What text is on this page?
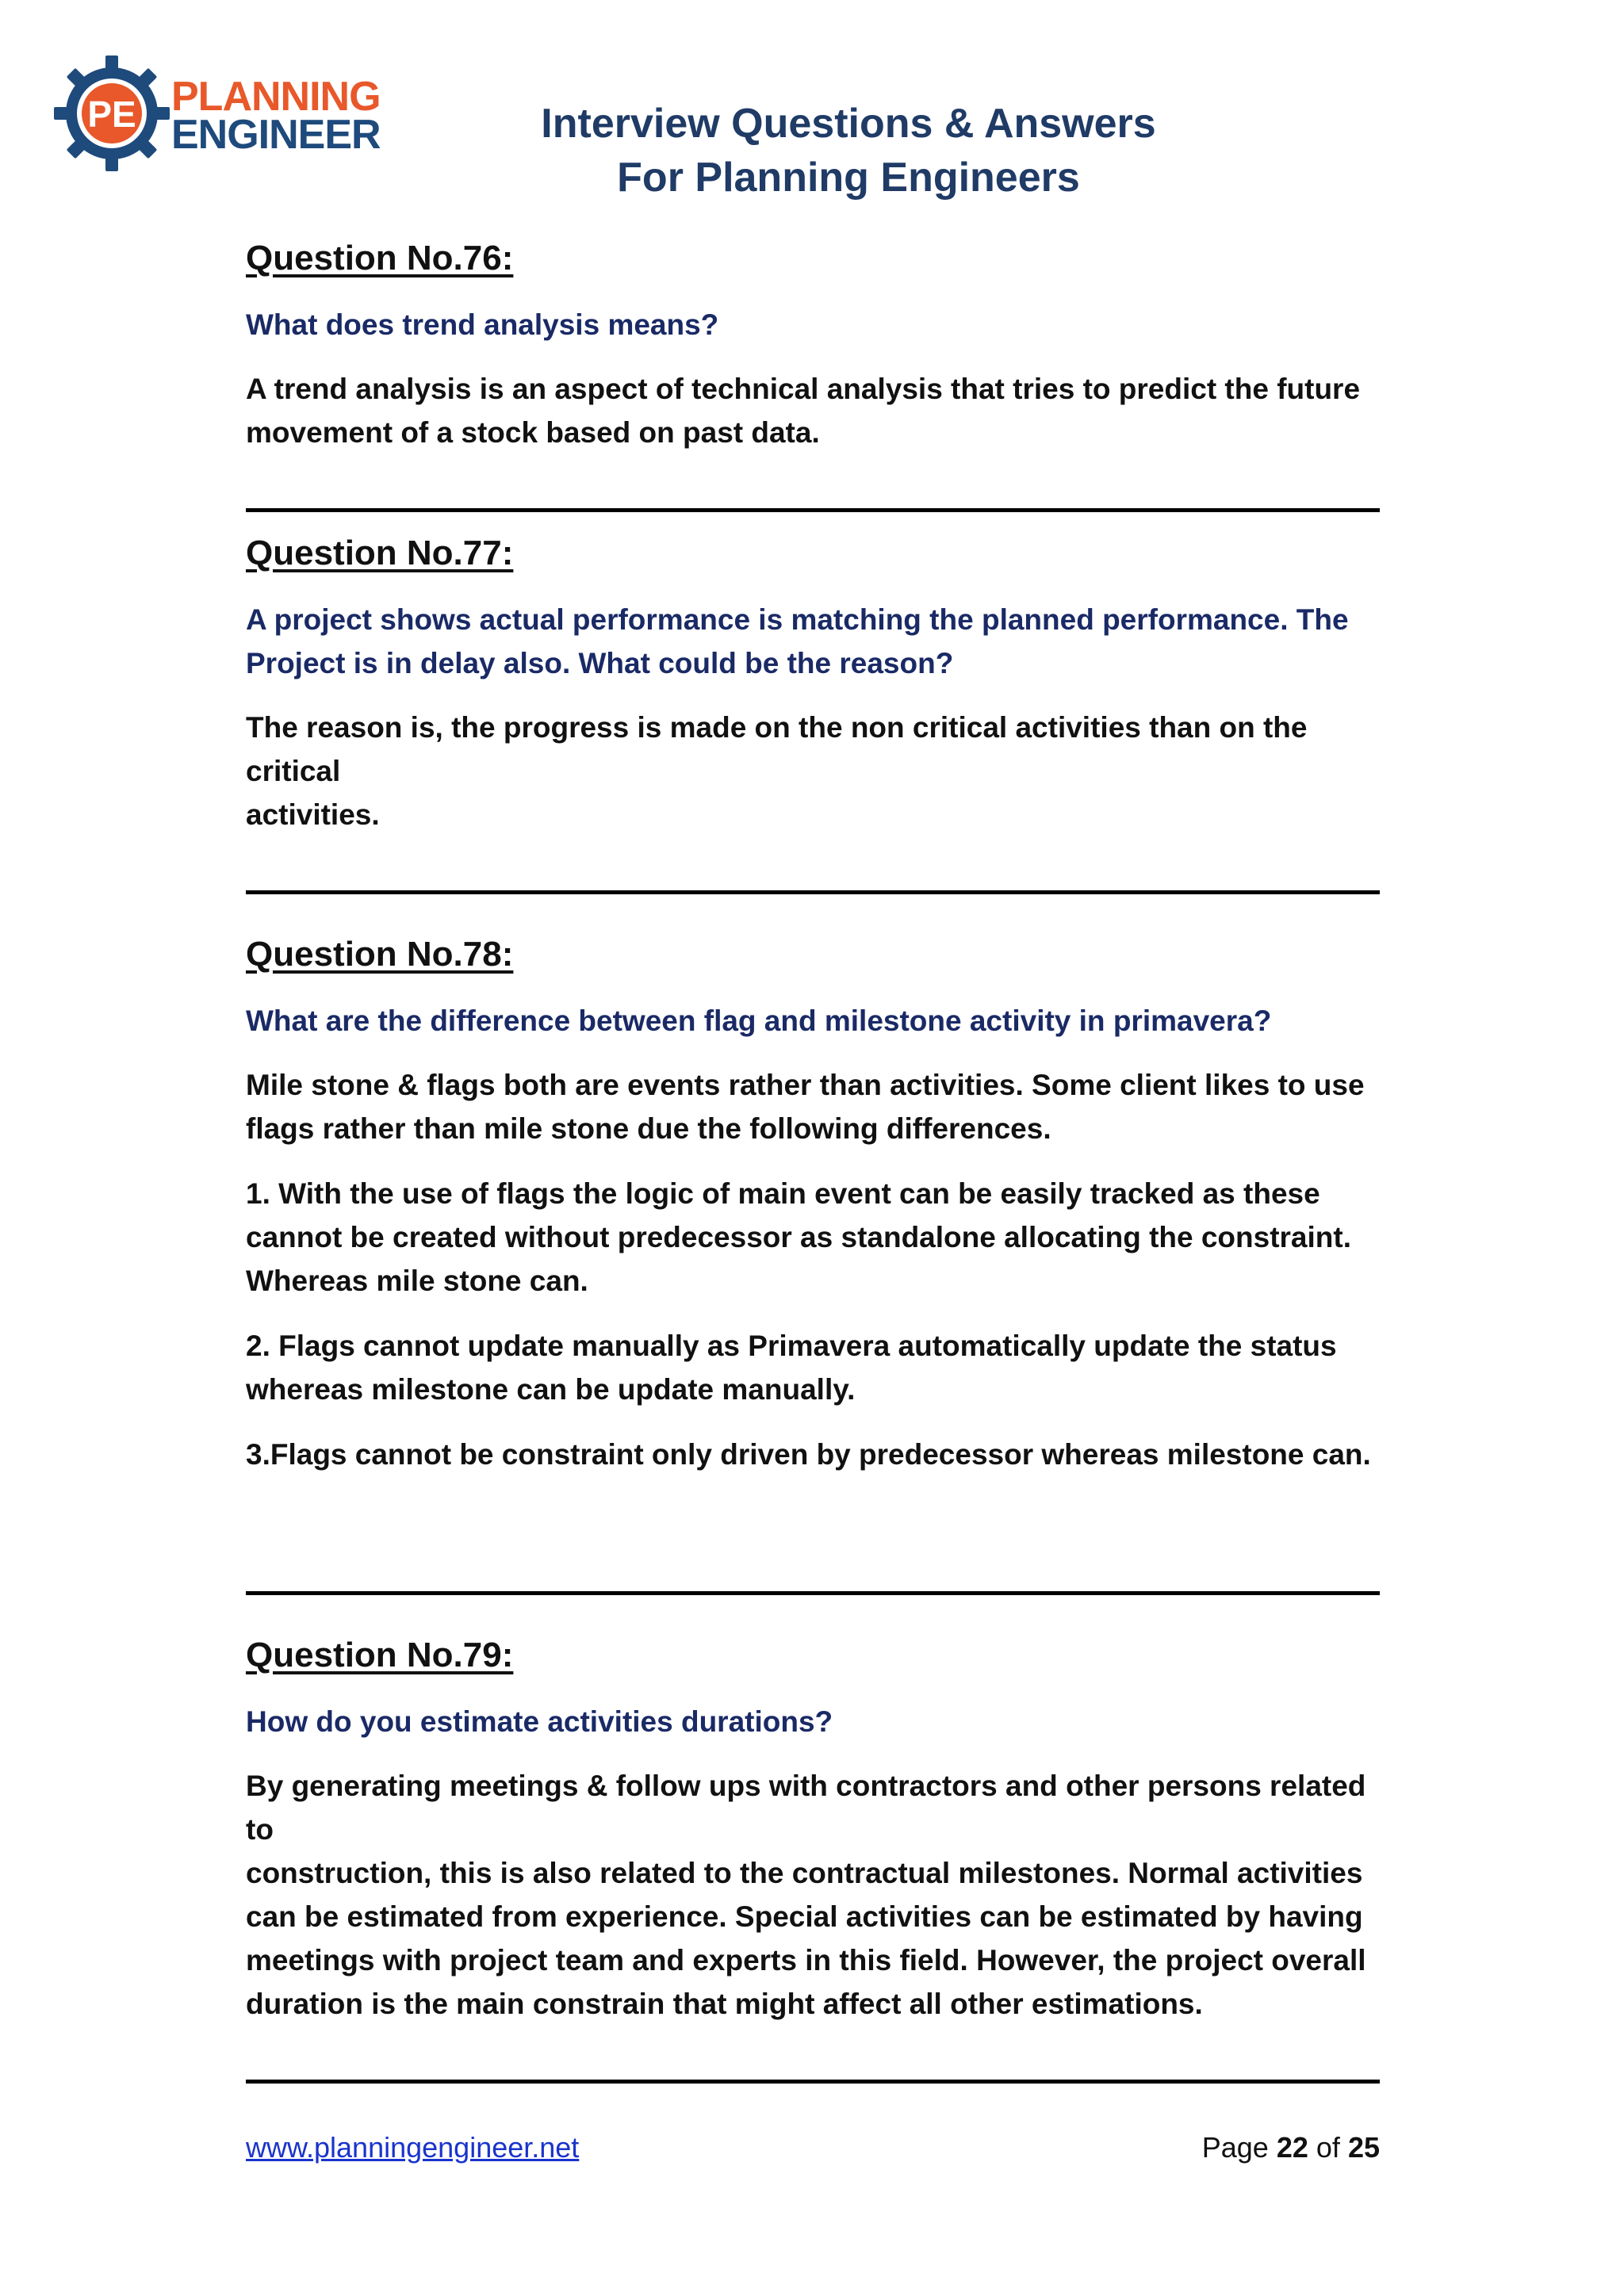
PE PLANNING
ENGINEER	Interview Questions & Answers
For Planning Engineers
Question No.76:
What does trend analysis means?
A trend analysis is an aspect of technical analysis that tries to predict the future
movement of a stock based on past data.
Question No.77:
A project shows actual performance is matching the planned performance. The
Project is in delay also. What could be the reason?
The reason is, the progress is made on the non critical activities than on the critical
activities.
Question No.78:
What are the difference between flag and milestone activity in primavera?
Mile stone & flags both are events rather than activities. Some client likes to use
flags rather than mile stone due the following differences.
1. With the use of flags the logic of main event can be easily tracked as these
cannot be created without predecessor as standalone allocating the constraint.
Whereas mile stone can.
2. Flags cannot update manually as Primavera automatically update the status
whereas milestone can be update manually.
3.Flags cannot be constraint only driven by predecessor whereas milestone can.
Question No.79:
How do you estimate activities durations?
By generating meetings & follow ups with contractors and other persons related to
construction, this is also related to the contractual milestones. Normal activities
can be estimated from experience. Special activities can be estimated by having
meetings with project team and experts in this field. However, the project overall
duration is the main constrain that might affect all other estimations.
www.planningengineer.net	Page 22 of 25
